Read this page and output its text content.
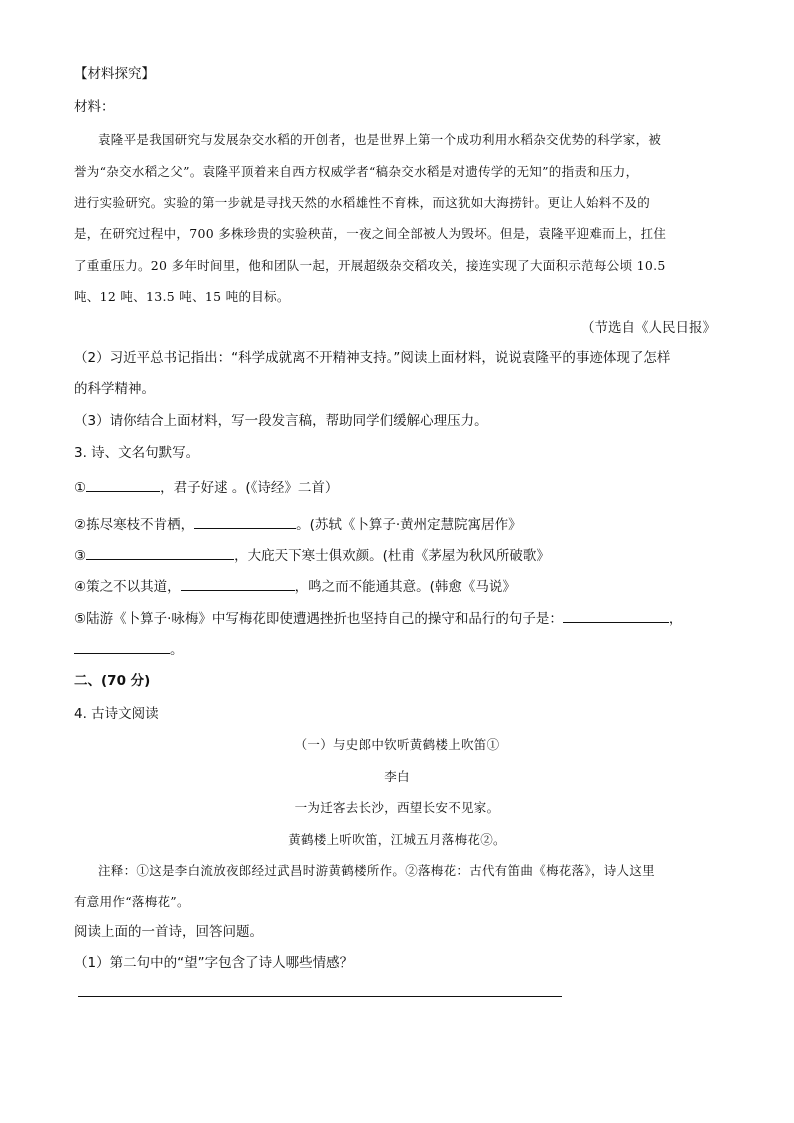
【材料探究】
材料：
袁隆平是我国研究与发展杂交水稻的开创者，也是世界上第一个成功利用水稻杂交优势的科学家，被
誉为“杂交水稻之父”。袁隆平顶着来自西方权威学者“稿杂交水稻是对遗传学的无知”的指责和压力，
进行实验研究。实验的第一步就是寻找天然的水稻雄性不育株，而这犹如大海捞针。更让人始料不及的
是，在研究过程中，700 多株珍贵的实验秧苗，一夜之间全部被人为毁坏。但是，袁隆平迎难而上，扛住
了重重压力。20 多年时间里，他和团队一起，开展超级杂交稻攻关，接连实现了大面积示范每公顷 10.5
吨、12 吨、13.5 吨、15 吨的目标。
（节选自《人民日报》
（2）习近平总书记指出：“科学成就离不开精神支持。”阅读上面材料，说说袁隆平的事迹体现了怎样
的科学精神。
（3）请你结合上面材料，写一段发言稿，帮助同学们缓解心理压力。
3. 诗、文名句默写。
①	，君子好逑 。(《诗经》二首）
②拣尽寒枝不肯栖，	。(苏轼《卜算子·黄州定慧院寓居作》
③	，大庇天下寒士俱欢颜。(杜甫《茅屋为秋风所破歌》
④策之不以其道，	，鸣之而不能通其意。(韩愈《马说》
⑤陆游《卜算子·咏梅》中写梅花即使遭遇挫折也坚持自己的操守和品行的句子是：	，
。
二、(70 分)
4. 古诗文阅读
（一）与史郎中钦听黄鹤楼上吹笛①
李白
一为迁客去长沙，西望长安不见家。
黄鹤楼上听吹笛，江城五月落梅花②。
注释：①这是李白流放夜郎经过武昌时游黄鹤楼所作。②落梅花：古代有笛曲《梅花落》，诗人这里
有意用作“落梅花”。
阅读上面的一首诗，回答问题。
（1）第二句中的“望”字包含了诗人哪些情感？
